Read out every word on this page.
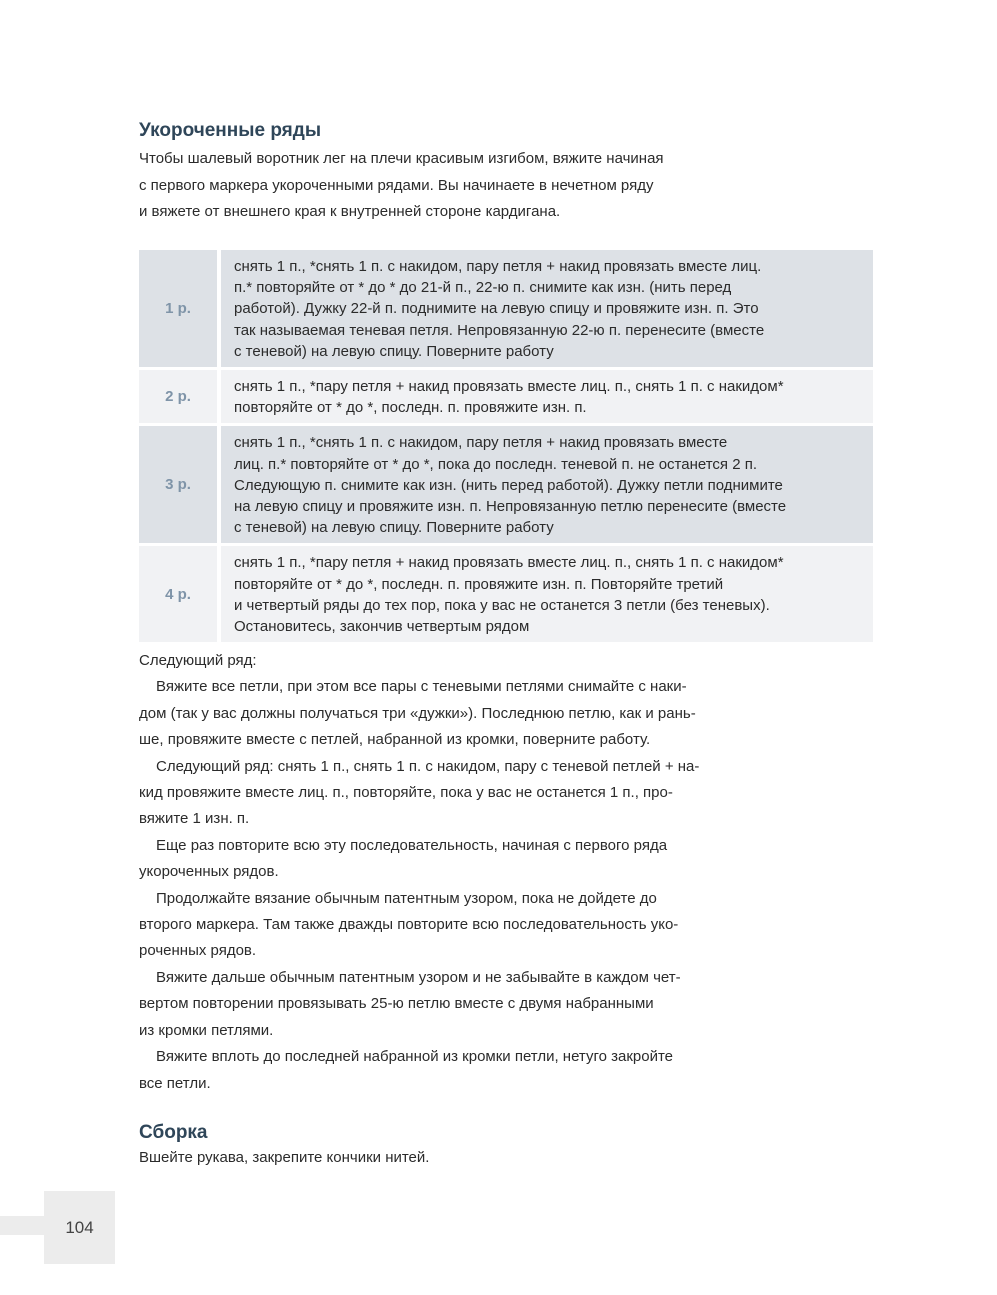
Укороченные ряды

Чтобы шалевый воротник лег на плечи красивым изгибом, вяжите начиная

с первого маркера укороченными рядами. Вы начинаете в нечетном ряду

и вяжете от внешнего края к внутренней стороне кардигана.

1 р.
снять 1 п., *снять 1 п. с накидом, пару петля + накид провязать вместе лиц.
п.* повторяйте от * до * до 21-й п., 22-ю п. снимите как изн. (нить перед
работой). Дужку 22-й п. поднимите на левую спицу и провяжите изн. п. Это
так называемая теневая петля. Непровязанную 22-ю п. перенесите (вместе
с теневой) на левую спицу. Поверните работу
2 р.
снять 1 п., *пару петля + накид провязать вместе лиц. п., снять 1 п. с накидом*
повторяйте от * до *, последн. п. провяжите изн. п.
3 р.
снять 1 п., *снять 1 п. с накидом, пару петля + накид провязать вместе
лиц. п.* повторяйте от * до *, пока до последн. теневой п. не останется 2 п.
Следующую п. снимите как изн. (нить перед работой). Дужку петли поднимите
на левую спицу и провяжите изн. п. Непровязанную петлю перенесите (вместе
с теневой) на левую спицу. Поверните работу
4 р.
снять 1 п., *пару петля + накид провязать вместе лиц. п., снять 1 п. с накидом*
повторяйте от * до *, последн. п. провяжите изн. п. Повторяйте третий
и четвертый ряды до тех пор, пока у вас не останется 3 петли (без теневых).
Остановитесь, закончив четвертым рядом

Следующий ряд:

Вяжите все петли, при этом все пары с теневыми петлями снимайте с наки-

дом (так у вас должны получаться три «дужки»). Последнюю петлю, как и рань-

ше, провяжите вместе с петлей, набранной из кромки, поверните работу.

Следующий ряд: снять 1 п., снять 1 п. с накидом, пару с теневой петлей + на-

кид провяжите вместе лиц. п., повторяйте, пока у вас не останется 1 п., про-

вяжите 1 изн. п.

Еще раз повторите всю эту последовательность, начиная с первого ряда

укороченных рядов.

Продолжайте вязание обычным патентным узором, пока не дойдете до

второго маркера. Там также дважды повторите всю последовательность уко-

роченных рядов.

Вяжите дальше обычным патентным узором и не забывайте в каждом чет-

вертом повторении провязывать 25-ю петлю вместе с двумя набранными

из кромки петлями.

Вяжите вплоть до последней набранной из кромки петли, нетуго закройте

все петли.

Сборка

Вшейте рукава, закрепите кончики нитей.

104
